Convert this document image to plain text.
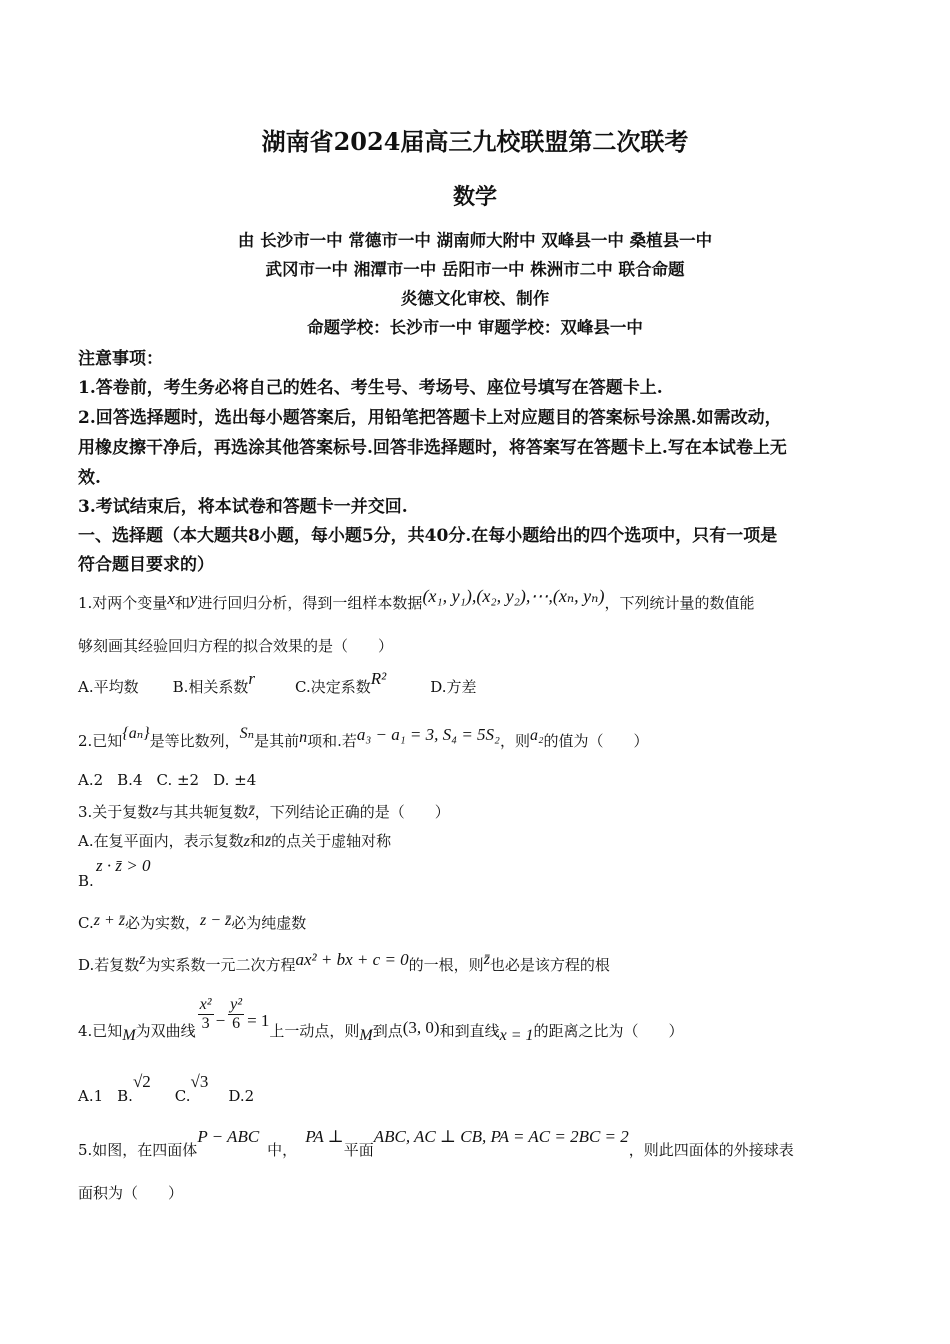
湖南省2024届高三九校联盟第二次联考
数学
由 长沙市一中 常德市一中 湖南师大附中 双峰县一中 桑植县一中
武冈市一中 湘潭市一中 岳阳市一中 株洲市二中 联合命题
炎德文化审校、制作
命题学校：长沙市一中 审题学校：双峰县一中
注意事项：
1.答卷前，考生务必将自己的姓名、考生号、考场号、座位号填写在答题卡上.
2.回答选择题时，选出每小题答案后，用铅笔把答题卡上对应题目的答案标号涂黑.如需改动，
用橡皮擦干净后，再选涂其他答案标号.回答非选择题时，将答案写在答题卡上.写在本试卷上无
效.
3.考试结束后，将本试卷和答题卡一并交回.
一、选择题（本大题共8小题，每小题5分，共40分.在每小题给出的四个选项中，只有一项是
符合题目要求的）
1.对两个变量x和y进行回归分析，得到一组样本数据(x₁, y₁),(x₂, y₂),⋯,(xₙ, yₙ)，下列统计量的数值能
够刻画其经验回归方程的拟合效果的是（　　）
A.平均数 B.相关系数r	C.决定系数R²	D.方差
2.已知{aₙ}是等比数列，Sₙ是其前n项和.若a₃ − a₁ = 3, S₄ = 5S₂，则a₂的值为（　　）
A.2 B.4 C. ±2 D. ±4
3.关于复数z与其共轭复数z̄，下列结论正确的是（　　）
A.在复平面内，表示复数z和z̄的点关于虚轴对称
z · z̄ > 0
B.
C.z + z̄必为实数，z − z̄必为纯虚数
D.若复数z为实系数一元二次方程ax² + bx + c = 0的一根，则z̄也必是该方程的根
4.已知M为双曲线 $\frac{\text{x²}}{3} - \frac{\text{y²}}{6} = 1$上一动点，则M到点(3, 0)和到直线x = 1的距离之比为（　　）
A.1 B.√2C.√3D.2
5.如图，在四面体P − ABC中，PA ⊥平面ABC, AC ⊥ CB, PA = AC = 2BC = 2，则此四面体的外接球表
面积为（　　）
